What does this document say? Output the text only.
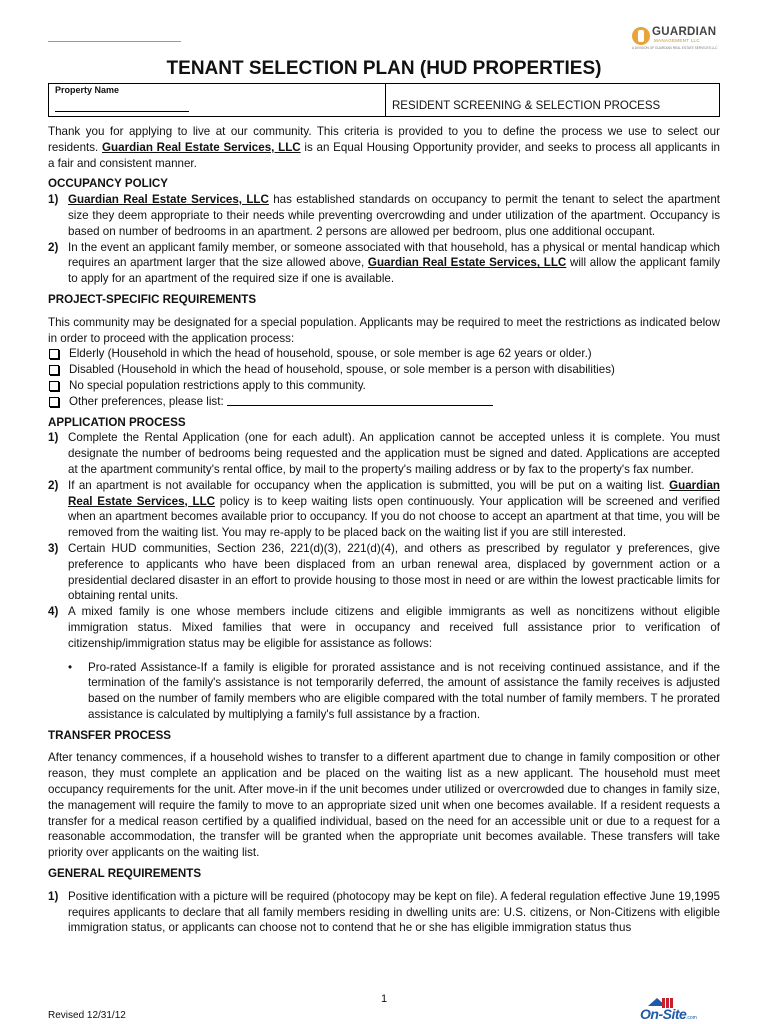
GUARDIAN
MANAGEMENT LLC
A DIVISION OF GUARDIAN REAL ESTATE SERVICES LLC
TENANT SELECTION PLAN (HUD PROPERTIES)
Property Name
RESIDENT SCREENING & SELECTION PROCESS

Thank you for applying to live at our community. This criteria is provided to you to define the process we use to select our residents. Guardian Real Estate Services, LLC is an Equal Housing Opportunity provider, and seeks to process all applicants in a fair and consistent manner.

OCCUPANCY POLICY
1) Guardian Real Estate Services, LLC has established standards on occupancy to permit the tenant to select the apartment size they deem appropriate to their needs while preventing overcrowding and under utilization of the apartment. Occupancy is based on number of bedrooms in an apartment. 2 persons are allowed per bedroom, plus one additional occupant.
2) In the event an applicant family member, or someone associated with that household, has a physical or mental handicap which requires an apartment larger that the size allowed above, Guardian Real Estate Services, LLC will allow the applicant family to apply for an apartment of the required size if one is available.
PROJECT-SPECIFIC REQUIREMENTS

This community may be designated for a special population. Applicants may be required to meet the restrictions as indicated below in order to proceed with the application process:

Elderly (Household in which the head of household, spouse, or sole member is age 62 years or older.)
Disabled (Household in which the head of household, spouse, or sole member is a person with disabilities)
No special population restrictions apply to this community.
Other preferences, please list:

APPLICATION PROCESS
1) Complete the Rental Application (one for each adult). An application cannot be accepted unless it is complete. You must designate the number of bedrooms being requested and the application must be signed and dated. Applications are accepted at the apartment community's rental office, by mail to the property's mailing address or by fax to the property's fax number.
2) If an apartment is not available for occupancy when the application is submitted, you will be put on a waiting list. Guardian Real Estate Services, LLC policy is to keep waiting lists open continuously. Your application will be screened and verified when an apartment becomes available prior to occupancy. If you do not choose to accept an apartment at that time, you will be removed from the waiting list. You may re-apply to be placed back on the waiting list if you are still interested.
3) Certain HUD communities, Section 236, 221(d)(3), 221(d)(4), and others as prescribed by regulator y preferences, give preference to applicants who have been displaced from an urban renewal area, displaced by government action or a presidential declared disaster in an effort to provide housing to those most in need or are within the lowest practicable limits for obtaining rental units.
4) A mixed family is one whose members include citizens and eligible immigrants as well as noncitizens without eligible immigration status. Mixed families that were in occupancy and received full assistance prior to verification of citizenship/immigration status may be eligible for assistance as follows:
•	Pro-rated Assistance-If a family is eligible for prorated assistance and is not receiving continued assistance, and if the termination of the family's assistance is not temporarily deferred, the amount of assistance the family receives is adjusted based on the number of family members who are eligible compared with the total number of family members. T he prorated assistance is calculated by multiplying a family's full assistance by a fraction.
TRANSFER PROCESS

After tenancy commences, if a household wishes to transfer to a different apartment due to change in family composition or other reason, they must complete an application and be placed on the waiting list as a new applicant. The household must meet occupancy requirements for the unit. After move-in if the unit becomes under utilized or overcrowded due to changes in family size, the management will require the family to move to an appropriate sized unit when one becomes available. If a resident requests a transfer for a medical reason certified by a qualified individual, based on the need for an accessible unit or due to a request for a reasonable accommodation, the transfer will be granted when the appropriate unit becomes available. These transfers will take priority over applicants on the waiting list.

GENERAL REQUIREMENTS
1) Positive identification with a picture will be required (photocopy may be kept on file). A federal regulation effective June 19,1995 requires applicants to declare that all family members residing in dwelling units are: U.S. citizens, or Non-Citizens with eligible immigration status, or applicants can choose not to contend that he or she has eligible immigration status thus
1
Revised 12/31/12	On-Site .com
